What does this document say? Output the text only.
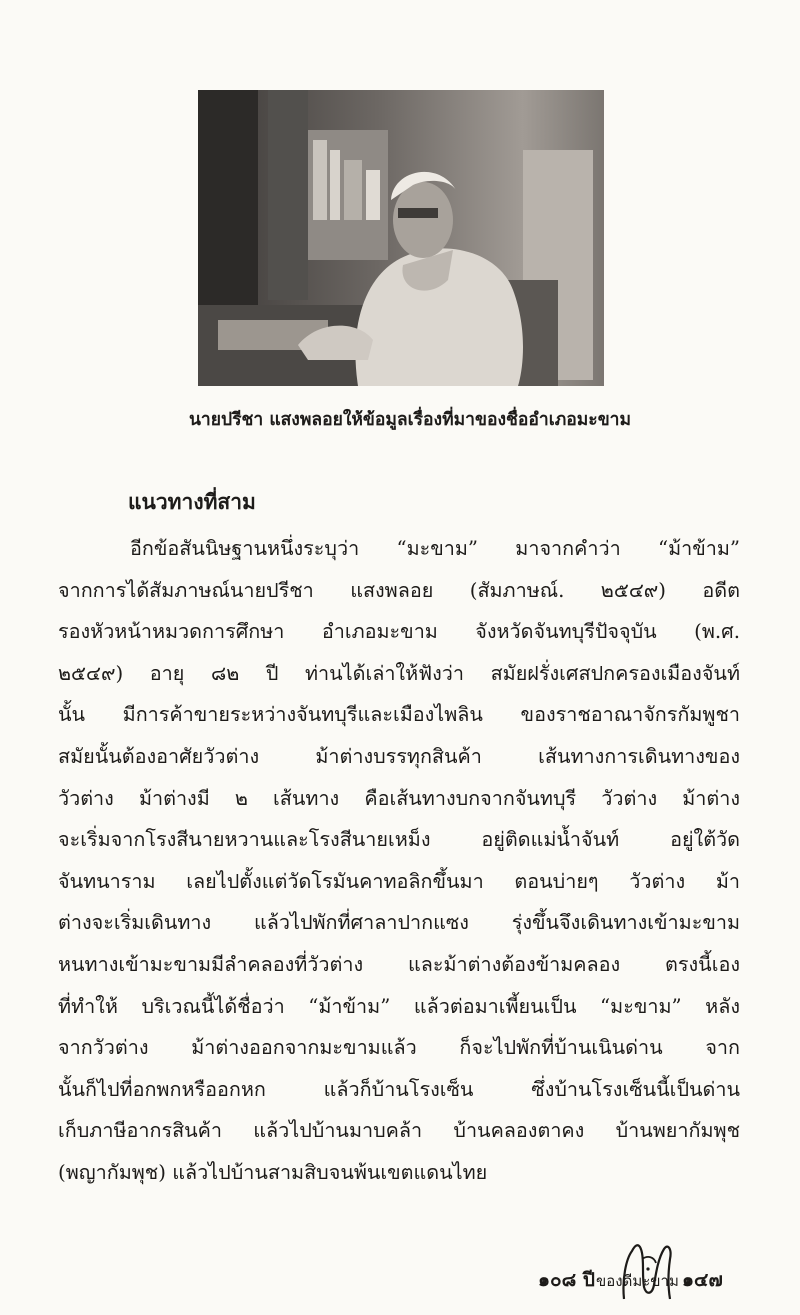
นายปรีชา แสงพลอยให้ข้อมูลเรื่องที่มาของชื่ออำเภอมะขาม
แนวทางที่สาม
อีกข้อสันนิษฐานหนึ่งระบุว่า “มะขาม” มาจากคำว่า “ม้าข้าม”
จากการได้สัมภาษณ์นายปรีชา แสงพลอย (สัมภาษณ์. ๒๕๔๙) อดีต
รองหัวหน้าหมวดการศึกษา อำเภอมะขาม จังหวัดจันทบุรีปัจจุบัน (พ.ศ.
๒๕๔๙) อายุ ๘๒ ปี ท่านได้เล่าให้ฟังว่า สมัยฝรั่งเศสปกครองเมืองจันท์
นั้น มีการค้าขายระหว่างจันทบุรีและเมืองไพลิน ของราชอาณาจักรกัมพูชา
สมัยนั้นต้องอาศัยวัวต่าง ม้าต่างบรรทุกสินค้า เส้นทางการเดินทางของ
วัวต่าง ม้าต่างมี ๒ เส้นทาง คือเส้นทางบกจากจันทบุรี วัวต่าง ม้าต่าง
จะเริ่มจากโรงสีนายหวานและโรงสีนายเหม็ง อยู่ติดแม่น้ำจันท์ อยู่ใต้วัด
จันทนาราม เลยไปตั้งแต่วัดโรมันคาทอลิกขึ้นมา ตอนบ่ายๆ วัวต่าง ม้า
ต่างจะเริ่มเดินทาง แล้วไปพักที่ศาลาปากแซง รุ่งขึ้นจึงเดินทางเข้ามะขาม
หนทางเข้ามะขามมีลำคลองที่วัวต่าง และม้าต่างต้องข้ามคลอง ตรงนี้เอง
ที่ทำให้ บริเวณนี้ได้ชื่อว่า “ม้าข้าม” แล้วต่อมาเพี้ยนเป็น “มะขาม” หลัง
จากวัวต่าง ม้าต่างออกจากมะขามแล้ว ก็จะไปพักที่บ้านเนินด่าน จาก
นั้นก็ไปที่อกพกหรืออกหก แล้วก็บ้านโรงเซ็น ซึ่งบ้านโรงเซ็นนี้เป็นด่าน
เก็บภาษีอากรสินค้า แล้วไปบ้านมาบคล้า บ้านคลองตาคง บ้านพยากัมพุช
(พญากัมพุช) แล้วไปบ้านสามสิบจนพ้นเขตแดนไทย
๑๐๘ ปี ของดีมะขาม ๑๔๗
